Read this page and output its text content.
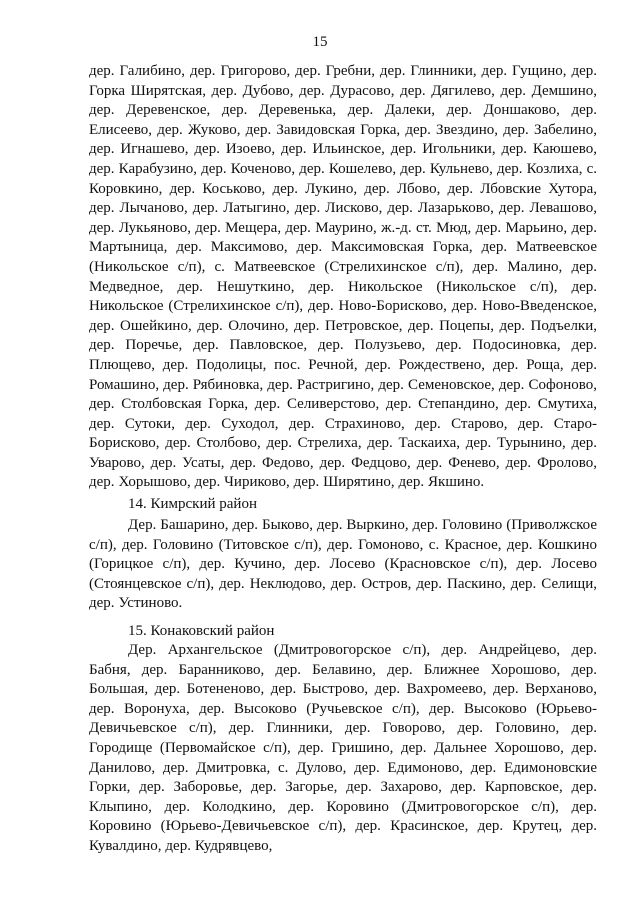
15

дер. Галибино, дер. Григорово, дер. Гребни, дер. Глинники, дер. Гущино, дер. Горка Ширятская, дер. Дубово, дер. Дурасово, дер. Дягилево, дер. Демшино, дер. Деревенское, дер. Деревенька, дер. Далеки, дер. Доншаково, дер. Елисеево, дер. Жуково, дер. Завидовская Горка, дер. Звездино, дер. Забелино, дер. Игнашево, дер. Изоево, дер. Ильинское, дер. Игольники, дер. Каюшево, дер. Карабузино, дер. Коченово, дер. Кошелево, дер. Кульнево, дер. Козлиха, с. Коровкино, дер. Коськово, дер. Лукино, дер. Лбово, дер. Лбовские Хутора, дер. Лычаново, дер. Латыгино, дер. Лисково, дер. Лазарьково, дер. Левашово, дер. Лукьяново, дер. Мещера, дер. Маурино, ж.-д. ст. Мюд, дер. Марьино, дер. Мартыница, дер. Максимово, дер. Максимовская Горка, дер. Матвеевское (Никольское с/п), с. Матвеевское (Стрелихинское с/п), дер. Малино, дер. Медведное, дер. Нешуткино, дер. Никольское (Никольское с/п), дер. Никольское (Стрелихинское с/п), дер. Ново-Борисково, дер. Ново-Введенское, дер. Ошейкино, дер. Олочино, дер. Петровское, дер. Поцепы, дер. Подъелки, дер. Поречье, дер. Павловское, дер. Полузьево, дер. Подосиновка, дер. Плющево, дер. Подолицы, пос. Речной, дер. Рождествено, дер. Роща, дер. Ромашино, дер. Рябиновка, дер. Растригино, дер. Семеновское, дер. Софоново, дер. Столбовская Горка, дер. Селиверстово, дер. Степандино, дер. Смутиха, дер. Сутоки, дер. Суходол, дер. Страхиново, дер. Старово, дер. Старо-Борисково, дер. Столбово, дер. Стрелиха, дер. Таскаиха, дер. Турынино, дер. Уварово, дер. Усаты, дер. Федово, дер. Федцово, дер. Фенево, дер. Фролово, дер. Хорышово, дер. Чириково, дер. Ширятино, дер. Якшино.

14. Кимрский район

Дер. Башарино, дер. Быково, дер. Выркино, дер. Головино (Приволжское с/п), дер. Головино (Титовское с/п), дер. Гомоново, с. Красное, дер. Кошкино (Горицкое с/п), дер. Кучино, дер. Лосево (Красновское с/п), дер. Лосево (Стоянцевское с/п), дер. Неклюдово, дер. Остров, дер. Паскино, дер. Селищи, дер. Устиново.

15. Конаковский район

Дер. Архангельское (Дмитровогорское с/п), дер. Андрейцево, дер. Бабня, дер. Баранниково, дер. Белавино, дер. Ближнее Хорошово, дер. Большая, дер. Ботененово, дер. Быстрово, дер. Вахромеево, дер. Верханово, дер. Воронуха, дер. Высоково (Ручьевское с/п), дер. Высоково (Юрьево-Девичьевское с/п), дер. Глинники, дер. Говорово, дер. Головино, дер. Городище (Первомайское с/п), дер. Гришино, дер. Дальнее Хорошово, дер. Данилово, дер. Дмитровка, с. Дулово, дер. Едимоново, дер. Едимоновские Горки, дер. Заборовье, дер. Загорье, дер. Захарово, дер. Карповское, дер. Клыпино, дер. Колодкино, дер. Коровино (Дмитровогорское с/п), дер. Коровино (Юрьево-Девичьевское с/п), дер. Красинское, дер. Крутец, дер. Кувалдино, дер. Кудрявцево,
